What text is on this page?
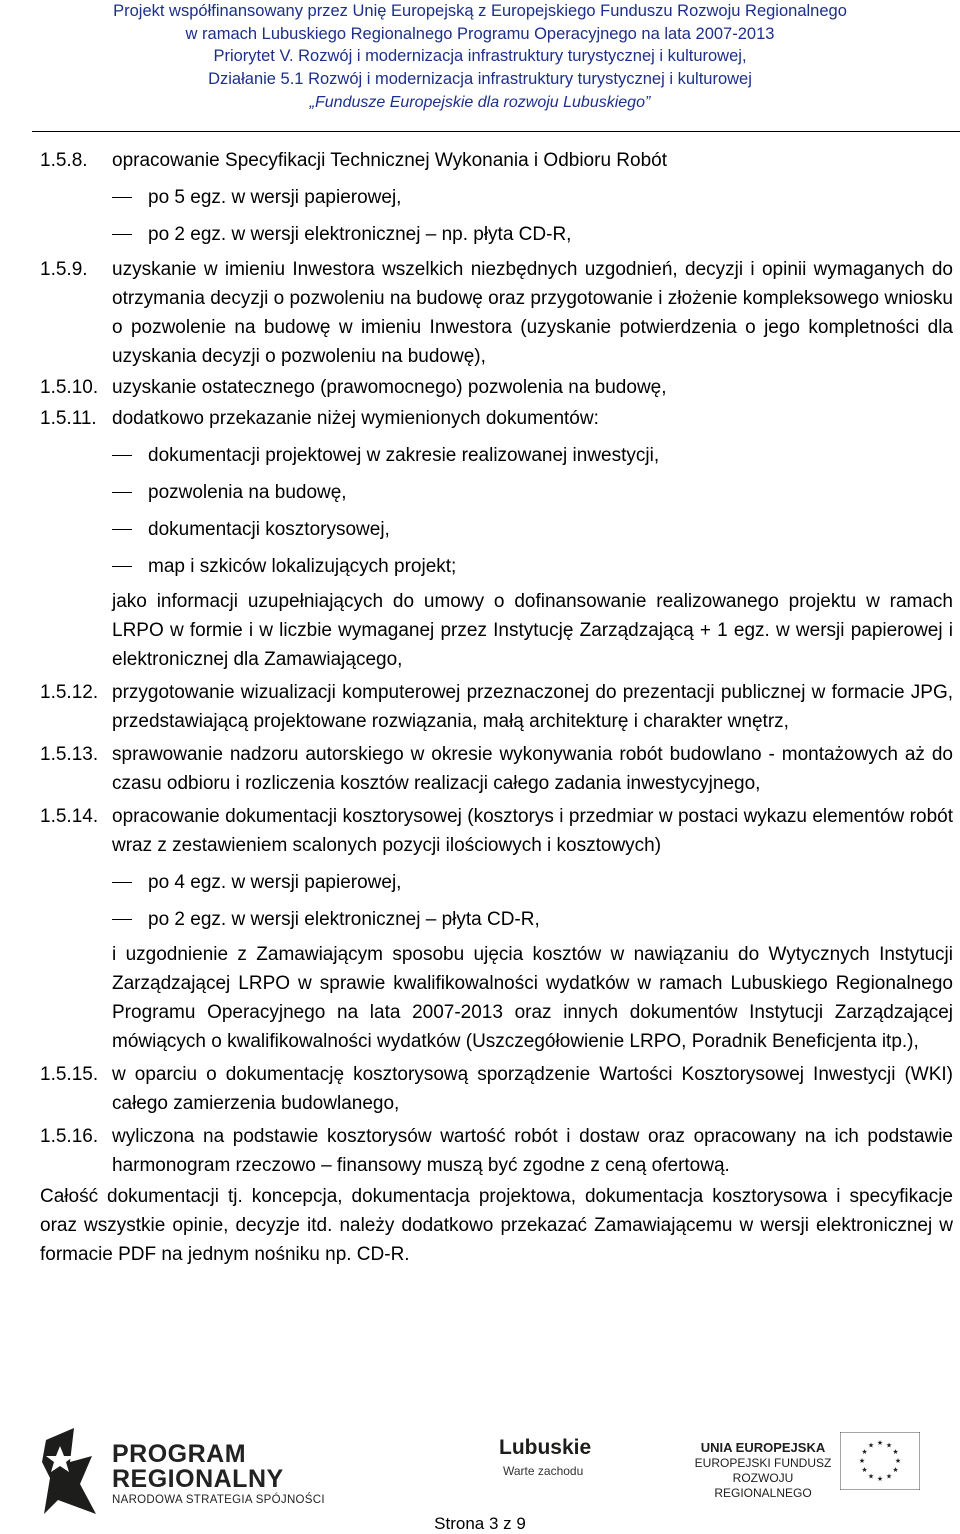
Projekt współfinansowany przez Unię Europejską z Europejskiego Funduszu Rozwoju Regionalnego
w ramach Lubuskiego Regionalnego Programu Operacyjnego na lata 2007-2013
Priorytet V. Rozwój i modernizacja infrastruktury turystycznej i kulturowej,
Działanie 5.1 Rozwój i modernizacja infrastruktury turystycznej i kulturowej
„Fundusze Europejskie dla rozwoju Lubuskiego”
1.5.8. opracowanie Specyfikacji Technicznej Wykonania i Odbioru Robót
po 5 egz. w wersji papierowej,
po 2 egz. w wersji elektronicznej – np. płyta CD-R,
1.5.9. uzyskanie w imieniu Inwestora wszelkich niezbędnych uzgodnień, decyzji i opinii wymaganych do otrzymania decyzji o pozwoleniu na budowę oraz przygotowanie i złożenie kompleksowego wniosku o pozwolenie na budowę w imieniu Inwestora (uzyskanie potwierdzenia o jego kompletności dla uzyskania decyzji o pozwoleniu na budowę),
1.5.10. uzyskanie ostatecznego (prawomocnego) pozwolenia na budowę,
1.5.11. dodatkowo przekazanie niżej wymienionych dokumentów:
dokumentacji projektowej w zakresie realizowanej inwestycji,
pozwolenia na budowę,
dokumentacji kosztorysowej,
map i szkiców lokalizujących projekt;
jako informacji uzupełniających do umowy o dofinansowanie realizowanego projektu w ramach LRPO w formie i w liczbie wymaganej przez Instytucję Zarządzającą + 1 egz. w wersji papierowej i elektronicznej dla Zamawiającego,
1.5.12. przygotowanie wizualizacji komputerowej przeznaczonej do prezentacji publicznej w formacie JPG, przedstawiającą projektowane rozwiązania, małą architekturę i charakter wnętrz,
1.5.13. sprawowanie nadzoru autorskiego w okresie wykonywania robót budowlano - montażowych aż do czasu odbioru i rozliczenia kosztów realizacji całego zadania inwestycyjnego,
1.5.14. opracowanie dokumentacji kosztorysowej (kosztorys i przedmiar w postaci wykazu elementów robót wraz z zestawieniem scalonych pozycji ilościowych i kosztowych)
po 4 egz. w wersji papierowej,
po 2 egz. w wersji elektronicznej – płyta CD-R,
i uzgodnienie z Zamawiającym sposobu ujęcia kosztów w nawiązaniu do Wytycznych Instytucji Zarządzającej LRPO w sprawie kwalifikowalności wydatków w ramach Lubuskiego Regionalnego Programu Operacyjnego na lata 2007-2013 oraz innych dokumentów Instytucji Zarządzającej mówiących o kwalifikowalności wydatków (Uszczegółowienie LRPO, Poradnik Beneficjenta itp.),
1.5.15. w oparciu o dokumentację kosztorysową sporządzenie Wartości Kosztorysowej Inwestycji (WKI) całego zamierzenia budowlanego,
1.5.16. wyliczona na podstawie kosztorysów wartość robót i dostaw oraz opracowany na ich podstawie harmonogram rzeczowo – finansowy muszą być zgodne z ceną ofertową.
Całość dokumentacji tj. koncepcja, dokumentacja projektowa, dokumentacja kosztorysowa i specyfikacje oraz wszystkie opinie, decyzje itd. należy dodatkowo przekazać Zamawiającemu w wersji elektronicznej w formacie PDF na jednym nośniku np. CD-R.
PROGRAM
REGIONALNY
NARODOWA STRATEGIA SPÓJNOŚCI
Lubuskie
Warte zachodu
UNIA EUROPEJSKA
EUROPEJSKI FUNDUSZ
ROZWOJU REGIONALNEGO
★ ★
★
★
★
★
★
★
★
★
★
★
Strona 3 z 9
